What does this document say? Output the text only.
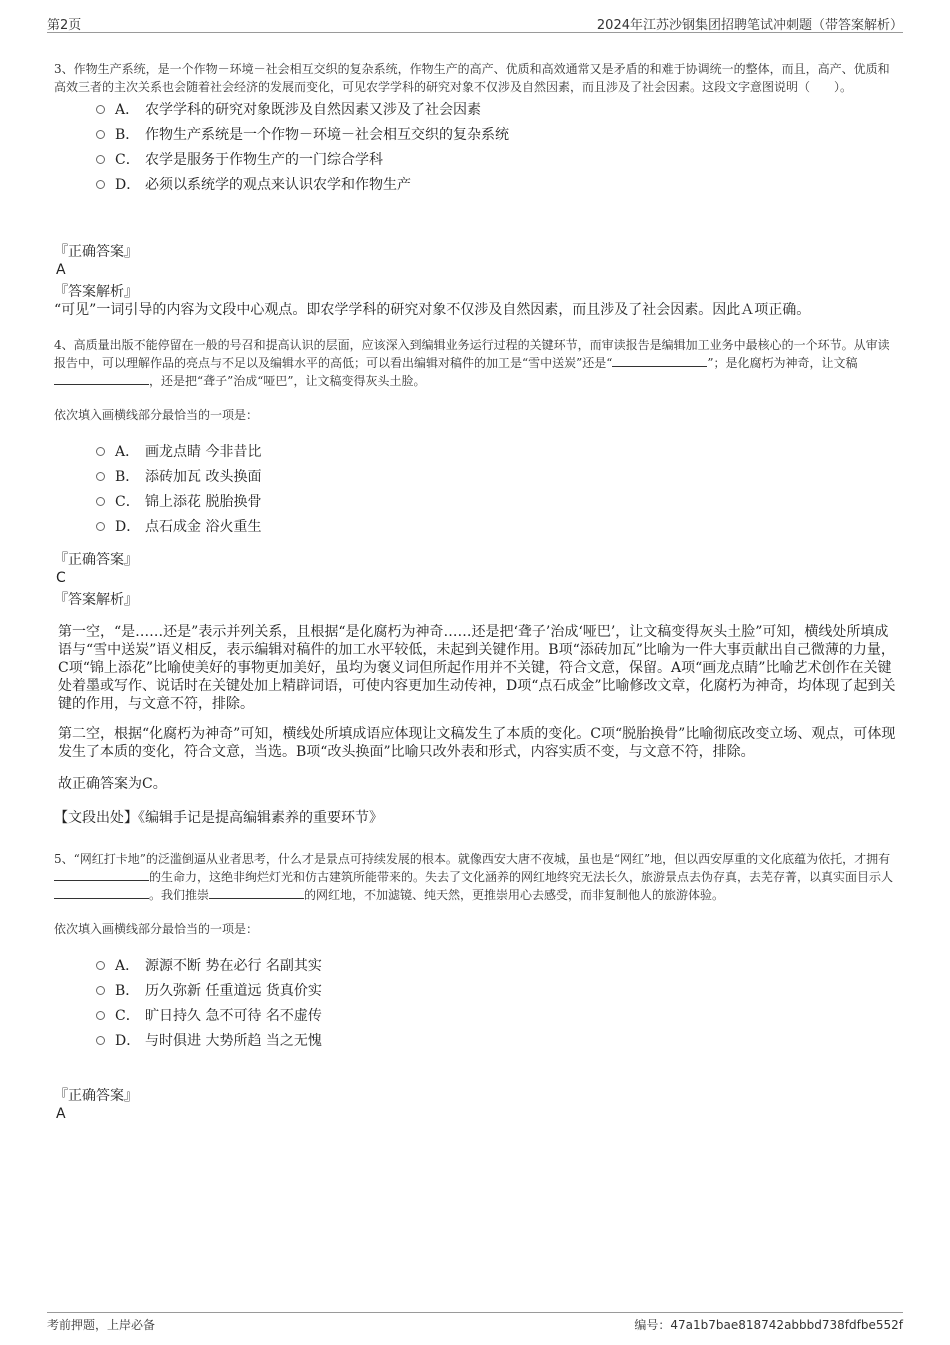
第2页	2024年江苏沙钢集团招聘笔试冲刺题（带答案解析）

3、作物生产系统，是一个作物－环境－社会相互交织的复杂系统，作物生产的高产、优质和高效通常又是矛盾的和难于协调统一的整体，而且，高产、优质和高效三者的主次关系也会随着社会经济的发展而变化，可见农学学科的研究对象不仅涉及自然因素，而且涉及了社会因素。这段文字意图说明（　　）。

A． 农学学科的研究对象既涉及自然因素又涉及了社会因素
B． 作物生产系统是一个作物－环境－社会相互交织的复杂系统
C． 农学是服务于作物生产的一门综合学科
D． 必须以系统学的观点来认识农学和作物生产

『正确答案』

A

『答案解析』

“可见”一词引导的内容为文段中心观点。即农学学科的研究对象不仅涉及自然因素，而且涉及了社会因素。因此Ａ项正确。

4、高质量出版不能停留在一般的号召和提高认识的层面，应该深入到编辑业务运行过程的关键环节，而审读报告是编辑加工业务中最核心的一个环节。从审读报告中，可以理解作品的亮点与不足以及编辑水平的高低；可以看出编辑对稿件的加工是“雪中送炭”还是“	”；是化腐朽为神奇，让文稿，还是把“聋子”治成“哑巴”，让文稿变得灰头土脸。

依次填入画横线部分最恰当的一项是：

A． 画龙点睛 今非昔比
B． 添砖加瓦 改头换面
C． 锦上添花 脱胎换骨
D． 点石成金 浴火重生

『正确答案』

C

『答案解析』

第一空，“是……还是”表示并列关系，且根据“是化腐朽为神奇……还是把‘聋子’治成‘哑巴’，让文稿变得灰头土脸”可知，横线处所填成语与“雪中送炭”语义相反，表示编辑对稿件的加工水平较低，未起到关键作用。B项“添砖加瓦”比喻为一件大事贡献出自己微薄的力量，C项“锦上添花”比喻使美好的事物更加美好，虽均为褒义词但所起作用并不关键，符合文意，保留。A项“画龙点睛”比喻艺术创作在关键处着墨或写作、说话时在关键处加上精辟词语，可使内容更加生动传神，D项“点石成金”比喻修改文章，化腐朽为神奇，均体现了起到关键的作用，与文意不符，排除。

第二空，根据“化腐朽为神奇”可知，横线处所填成语应体现让文稿发生了本质的变化。C项“脱胎换骨”比喻彻底改变立场、观点，可体现发生了本质的变化，符合文意，当选。B项“改头换面”比喻只改外表和形式，内容实质不变，与文意不符，排除。

故正确答案为C。

【文段出处】《编辑手记是提高编辑素养的重要环节》

5、“网红打卡地”的泛滥倒逼从业者思考，什么才是景点可持续发展的根本。就像西安大唐不夜城，虽也是“网红”地，但以西安厚重的文化底蕴为依托，才拥有的生命力，这绝非绚烂灯光和仿古建筑所能带来的。失去了文化涵养的网红地终究无法长久，旅游景点去伪存真，去芜存菁，以真实面目示人。我们推崇	的网红地，不加滤镜、纯天然，更推崇用心去感受，而非复制他人的旅游体验。

依次填入画横线部分最恰当的一项是：

A． 源源不断 势在必行 名副其实
B． 历久弥新 任重道远 货真价实
C． 旷日持久 急不可待 名不虚传
D． 与时俱进 大势所趋 当之无愧

『正确答案』

A

考前押题，上岸必备	编号：47a1b7bae818742abbbd738fdfbe552f
